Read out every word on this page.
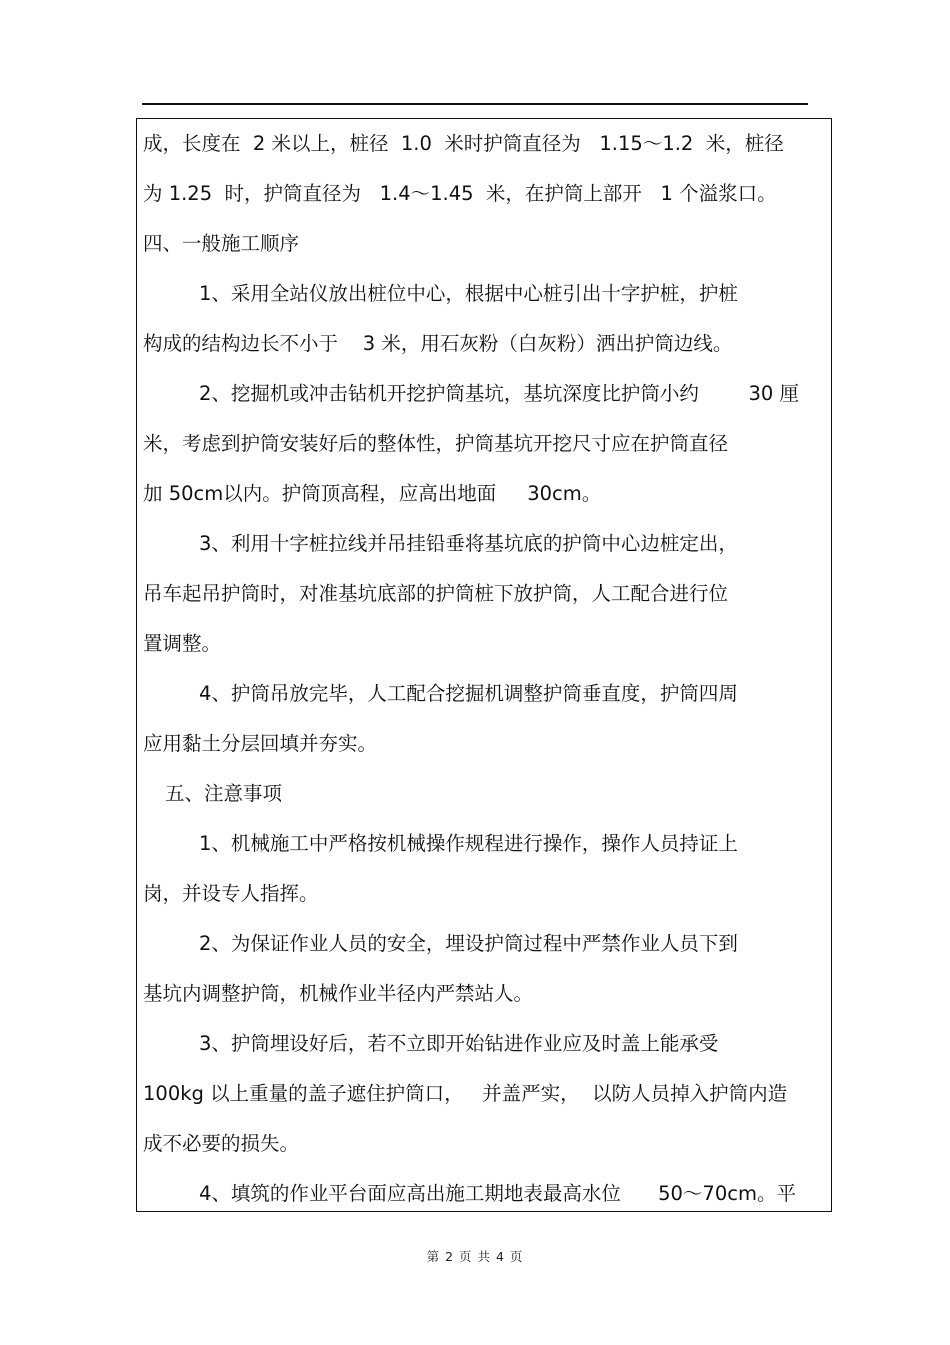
成，长度在  2 米以上，桩径  1.0  米时护筒直径为   1.15～1.2  米，桩径
为 1.25  时，护筒直径为   1.4～1.45  米，在护筒上部开   1 个溢浆口。
四、一般施工顺序
1、采用全站仪放出桩位中心，根据中心桩引出十字护桩，护桩
构成的结构边长不小于    3 米，用石灰粉（白灰粉）洒出护筒边线。
2、挖掘机或冲击钻机开挖护筒基坑，基坑深度比护筒小约        30 厘
米，考虑到护筒安装好后的整体性，护筒基坑开挖尺寸应在护筒直径
加 50cm以内。护筒顶高程，应高出地面     30cm。
3、利用十字桩拉线并吊挂铅垂将基坑底的护筒中心边桩定出，
吊车起吊护筒时，对准基坑底部的护筒桩下放护筒，人工配合进行位
置调整。
4、护筒吊放完毕，人工配合挖掘机调整护筒垂直度，护筒四周
应用黏土分层回填并夯实。
五、注意事项
1、机械施工中严格按机械操作规程进行操作，操作人员持证上
岗，并设专人指挥。
2、为保证作业人员的安全，埋设护筒过程中严禁作业人员下到
基坑内调整护筒，机械作业半径内严禁站人。
3、护筒埋设好后，若不立即开始钻进作业应及时盖上能承受
100kg 以上重量的盖子遮住护筒口，   并盖严实，  以防人员掉入护筒内造
成不必要的损失。
4、填筑的作业平台面应高出施工期地表最高水位      50～70cm。平
第 2 页 共 4 页
